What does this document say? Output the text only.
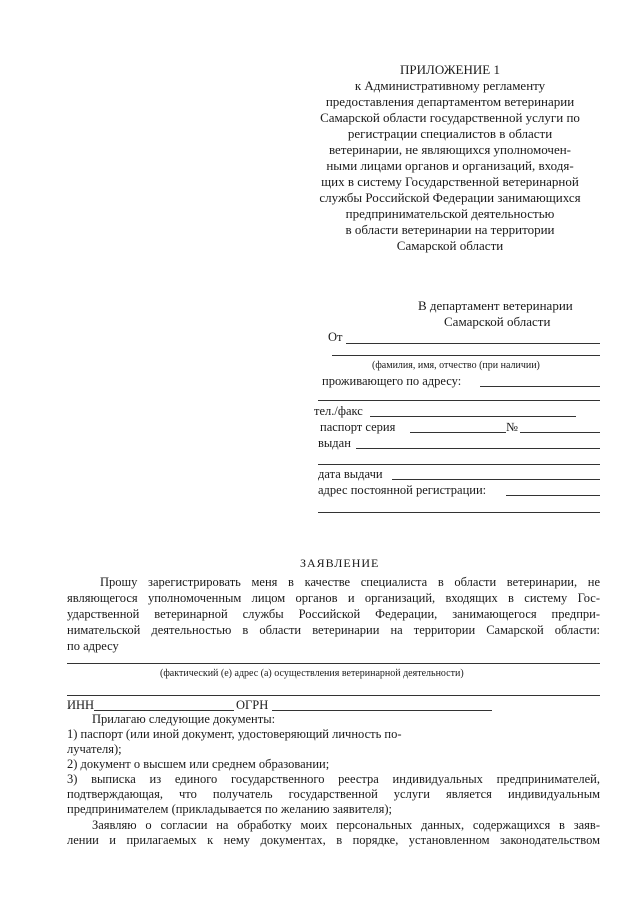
ПРИЛОЖЕНИЕ 1
к Административному регламенту
предоставления департаментом ветеринарии
Самарской области государственной услуги по
регистрации специалистов в области
ветеринарии, не являющихся уполномочен-
ными лицами органов и организаций, входя-
щих в систему Государственной ветеринарной
службы Российской Федерации занимающихся
предпринимательской деятельностью
в области ветеринарии на территории
Самарской области
В департамент ветеринарии
Самарской области
От
(фамилия, имя, отчество (при наличии)
проживающего по адресу:
тел./факс
паспорт серия	№
выдан
дата выдачи
адрес постоянной регистрации:
ЗАЯВЛЕНИЕ
Прошу зарегистрировать меня в качестве специалиста в области ветеринарии, не
являющегося уполномоченным лицом органов и организаций, входящих в систему Гос-
ударственной ветеринарной службы Российской Федерации, занимающегося предпри-
нимательской деятельностью в области ветеринарии на территории Самарской области:
по адресу
(фактический (е) адрес (а) осуществления ветеринарной деятельности)
ИНН	ОГРН
Прилагаю следующие документы:
1) паспорт (или иной документ, удостоверяющий личность по-
лучателя);
2) документ о высшем или среднем образовании;
3) выписка из единого государственного реестра индивидуальных предпринимателей,
подтверждающая, что получатель государственной услуги является индивидуальным
предпринимателем (прикладывается по желанию заявителя);
Заявляю о согласии на обработку моих персональных данных, содержащихся в заяв-
лении и прилагаемых к нему документах, в порядке, установленном законодательством
